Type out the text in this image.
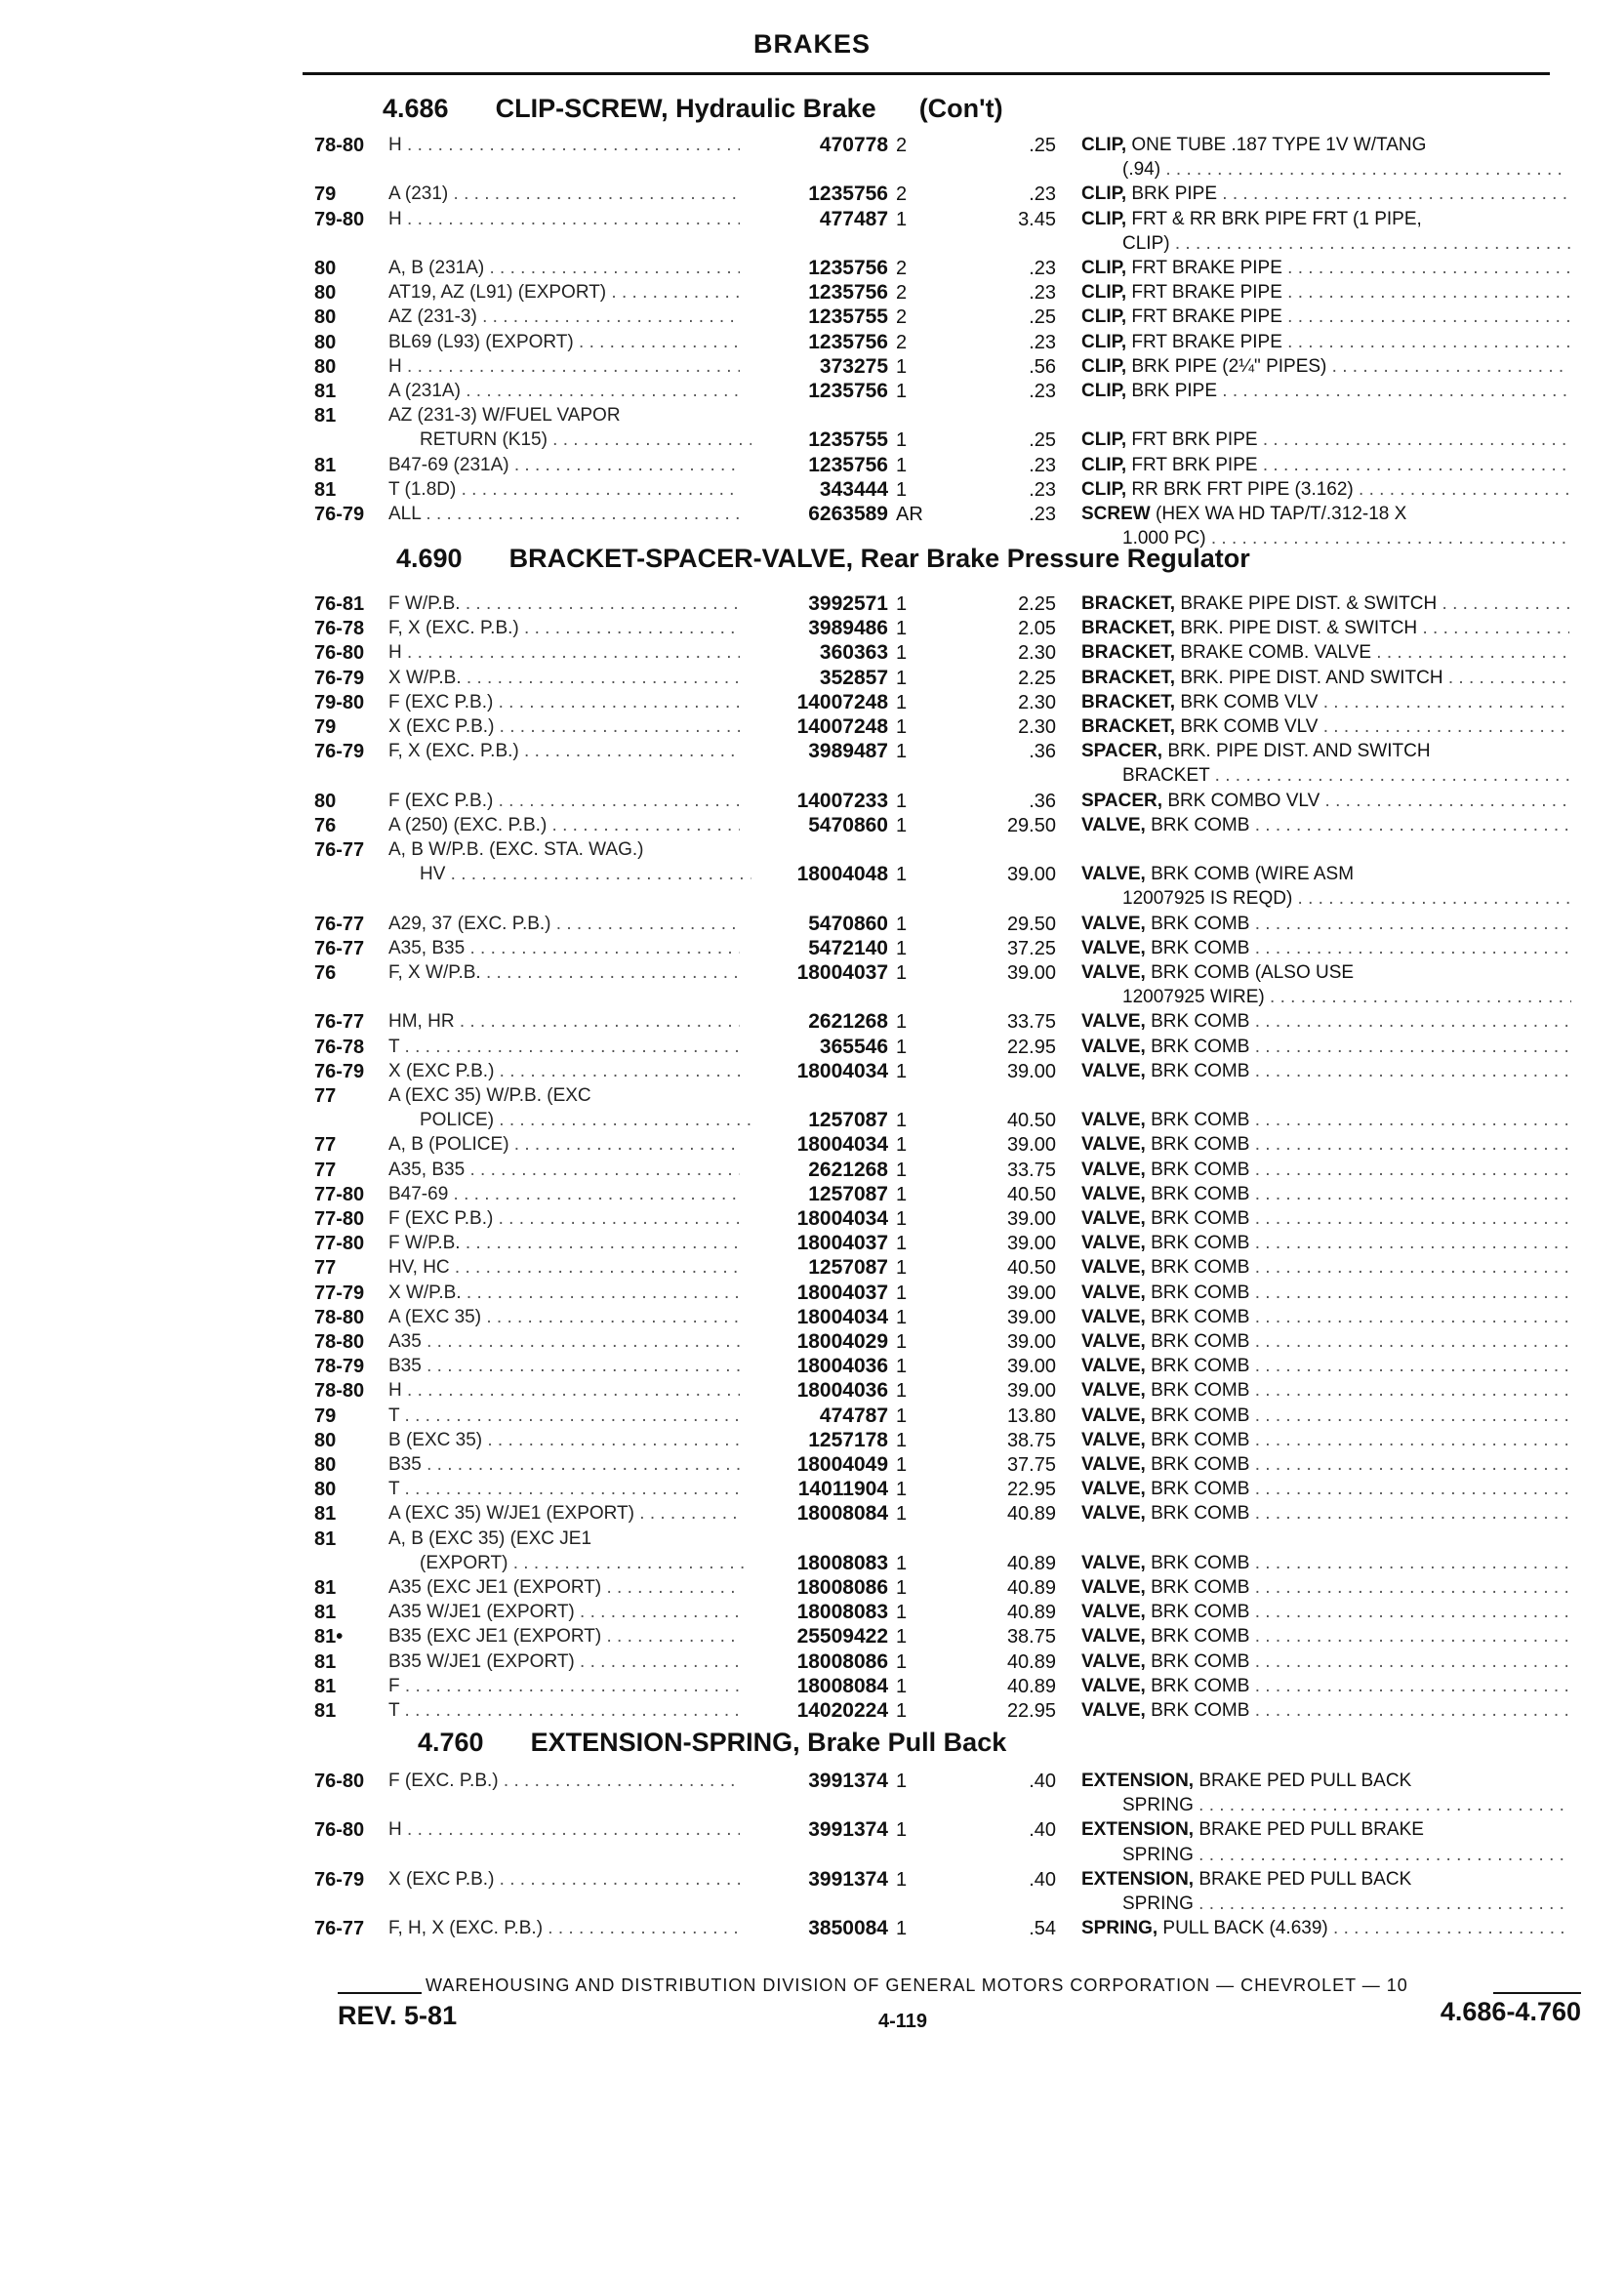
BRAKES
4.686 CLIP-SCREW, Hydraulic Brake (Con't)
78-80	H . . .	470778 2	.25 CLIP, ONE TUBE .187 TYPE 1V W/TANG
(.94) . . .
79	A (231) . . .	1235756 2	.23 CLIP, BRK PIPE . . .
79-80	H . . .	477487 1	3.45 CLIP, FRT & RR BRK PIPE FRT (1 PIPE,
CLIP) . . .
80	A, B (231A) . . .	1235756 2	.23 CLIP, FRT BRAKE PIPE . . .
80	AT19, AZ (L91) (EXPORT) . . .	1235756 2	.23 CLIP, FRT BRAKE PIPE . . .
80	AZ (231-3) . . .	1235755 2	.25 CLIP, FRT BRAKE PIPE . . .
80	BL69 (L93) (EXPORT) . . .	1235756 2	.23 CLIP, FRT BRAKE PIPE . . .
80	H . . .	373275 1	.56 CLIP, BRK PIPE (2¼" PIPES) . . .
81	A (231A) . . .	1235756 1	.23 CLIP, BRK PIPE . . .
81	AZ (231-3) W/FUEL VAPOR
RETURN (K15) . . .	1235755 1	.25 CLIP, FRT BRK PIPE . . .
81	B47-69 (231A) . . .	1235756 1	.23 CLIP, FRT BRK PIPE . . .
81	T (1.8D) . . .	343444 1	.23 CLIP, RR BRK FRT PIPE (3.162) . . .
76-79	ALL . . .	6263589 AR	.23 SCREW (HEX WA HD TAP/T/.312-18 X
1.000 PC) . . .
4.690 BRACKET-SPACER-VALVE, Rear Brake Pressure Regulator
76-81	F W/P.B. . . .	3992571 1	2.25 BRACKET, BRAKE PIPE DIST. & SWITCH . . .
76-78	F, X (EXC. P.B.) . . .	3989486 1	2.05 BRACKET, BRK. PIPE DIST. & SWITCH . . .
76-80	H . . .	360363 1	2.30 BRACKET, BRAKE COMB. VALVE . . .
76-79	X W/P.B. . . .	352857 1	2.25 BRACKET, BRK. PIPE DIST. AND SWITCH . . .
79-80	F (EXC P.B.) . . .	14007248 1	2.30 BRACKET, BRK COMB VLV . . .
79	X (EXC P.B.) . . .	14007248 1	2.30 BRACKET, BRK COMB VLV . . .
76-79	F, X (EXC. P.B.) . . .	3989487 1	.36 SPACER, BRK. PIPE DIST. AND SWITCH
BRACKET . . .
80	F (EXC P.B.) . . .	14007233 1	.36 SPACER, BRK COMBO VLV . . .
76	A (250) (EXC. P.B.) . . .	5470860 1	29.50 VALVE, BRK COMB . . .
76-77	A, B W/P.B. (EXC. STA. WAG.)
HV . . .	18004048 1	39.00 VALVE, BRK COMB (WIRE ASM
12007925 IS REQD) . . .
76-77	A29, 37 (EXC. P.B.) . . .	5470860 1	29.50 VALVE, BRK COMB . . .
76-77	A35, B35 . . .	5472140 1	37.25 VALVE, BRK COMB . . .
76	F, X W/P.B. . . .	18004037 1	39.00 VALVE, BRK COMB (ALSO USE
12007925 WIRE) . . .
76-77	HM, HR . . .	2621268 1	33.75 VALVE, BRK COMB . . .
76-78	T . . .	365546 1	22.95 VALVE, BRK COMB . . .
76-79	X (EXC P.B.) . . .	18004034 1	39.00 VALVE, BRK COMB . . .
77	A (EXC 35) W/P.B. (EXC
POLICE) . . .	1257087 1	40.50 VALVE, BRK COMB . . .
77	A, B (POLICE) . . .	18004034 1	39.00 VALVE, BRK COMB . . .
77	A35, B35 . . .	2621268 1	33.75 VALVE, BRK COMB . . .
77-80	B47-69 . . .	1257087 1	40.50 VALVE, BRK COMB . . .
77-80	F (EXC P.B.) . . .	18004034 1	39.00 VALVE, BRK COMB . . .
77-80	F W/P.B. . . .	18004037 1	39.00 VALVE, BRK COMB . . .
77	HV, HC . . .	1257087 1	40.50 VALVE, BRK COMB . . .
77-79	X W/P.B. . . .	18004037 1	39.00 VALVE, BRK COMB . . .
78-80	A (EXC 35) . . .	18004034 1	39.00 VALVE, BRK COMB . . .
78-80	A35 . . .	18004029 1	39.00 VALVE, BRK COMB . . .
78-79	B35 . . .	18004036 1	39.00 VALVE, BRK COMB . . .
78-80	H . . .	18004036 1	39.00 VALVE, BRK COMB . . .
79	T . . .	474787 1	13.80 VALVE, BRK COMB . . .
80	B (EXC 35) . . .	1257178 1	38.75 VALVE, BRK COMB . . .
80	B35 . . .	18004049 1	37.75 VALVE, BRK COMB . . .
80	T . . .	14011904 1	22.95 VALVE, BRK COMB . . .
81	A (EXC 35) W/JE1 (EXPORT) . . .	18008084 1	40.89 VALVE, BRK COMB . . .
81	A, B (EXC 35) (EXC JE1
(EXPORT) . . .	18008083 1	40.89 VALVE, BRK COMB . . .
81	A35 (EXC JE1 (EXPORT) . . .	18008086 1	40.89 VALVE, BRK COMB . . .
81	A35 W/JE1 (EXPORT) . . .	18008083 1	40.89 VALVE, BRK COMB . . .
81•	B35 (EXC JE1 (EXPORT) . . .	25509422 1	38.75 VALVE, BRK COMB . . .
81	B35 W/JE1 (EXPORT) . . .	18008086 1	40.89 VALVE, BRK COMB . . .
81	F . . .	18008084 1	40.89 VALVE, BRK COMB . . .
81	T . . .	14020224 1	22.95 VALVE, BRK COMB . . .
4.760 EXTENSION-SPRING, Brake Pull Back
76-80	F (EXC. P.B.) . . .	3991374 1	.40 EXTENSION, BRAKE PED PULL BACK
SPRING . . .
76-80	H . . .	3991374 1	.40 EXTENSION, BRAKE PED PULL BRAKE
SPRING . . .
76-79	X (EXC P.B.) . . .	3991374 1	.40 EXTENSION, BRAKE PED PULL BACK
SPRING . . .
76-77	F, H, X (EXC. P.B.) . . .	3850084 1	.54 SPRING, PULL BACK (4.639) . . .
WAREHOUSING AND DISTRIBUTION DIVISION OF GENERAL MOTORS CORPORATION — CHEVROLET — 10
REV. 5-81	4-119	4.686-4.760
